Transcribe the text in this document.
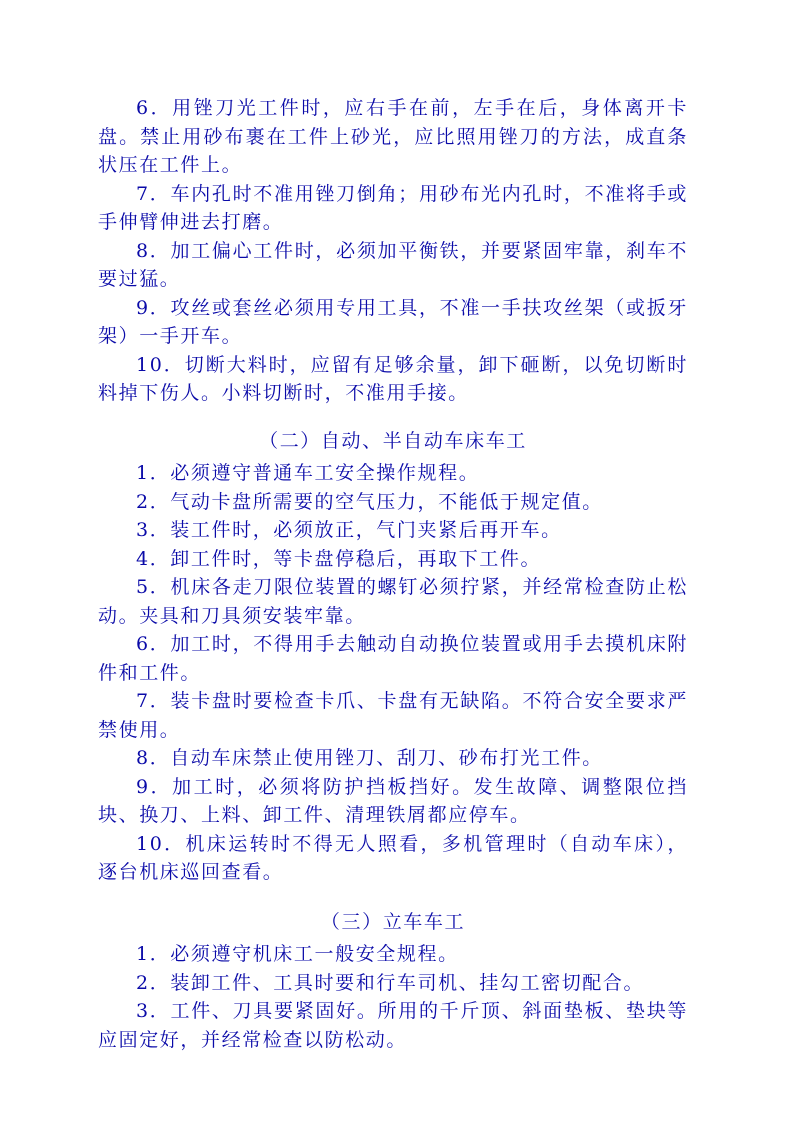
6．用锉刀光工件时，应右手在前，左手在后，身体离开卡盘。禁止用砂布裹在工件上砂光，应比照用锉刀的方法，成直条状压在工件上。

7．车内孔时不准用锉刀倒角；用砂布光内孔时，不准将手或手伸臂伸进去打磨。

8．加工偏心工件时，必须加平衡铁，并要紧固牢靠，刹车不要过猛。

9．攻丝或套丝必须用专用工具，不准一手扶攻丝架（或扳牙架）一手开车。

10．切断大料时，应留有足够余量，卸下砸断，以免切断时料掉下伤人。小料切断时，不准用手接。

（二）自动、半自动车床车工

1．必须遵守普通车工安全操作规程。

2．气动卡盘所需要的空气压力，不能低于规定值。

3．装工件时，必须放正，气门夹紧后再开车。

4．卸工件时，等卡盘停稳后，再取下工件。

5．机床各走刀限位装置的螺钉必须拧紧，并经常检查防止松动。夹具和刀具须安装牢靠。

6．加工时，不得用手去触动自动换位装置或用手去摸机床附件和工件。

7．装卡盘时要检查卡爪、卡盘有无缺陷。不符合安全要求严禁使用。

8．自动车床禁止使用锉刀、刮刀、砂布打光工件。

9．加工时，必须将防护挡板挡好。发生故障、调整限位挡块、换刀、上料、卸工件、清理铁屑都应停车。

10．机床运转时不得无人照看，多机管理时（自动车床），逐台机床巡回查看。

（三）立车车工

1．必须遵守机床工一般安全规程。

2．装卸工件、工具时要和行车司机、挂勾工密切配合。

3．工件、刀具要紧固好。所用的千斤顶、斜面垫板、垫块等应固定好，并经常检查以防松动。
